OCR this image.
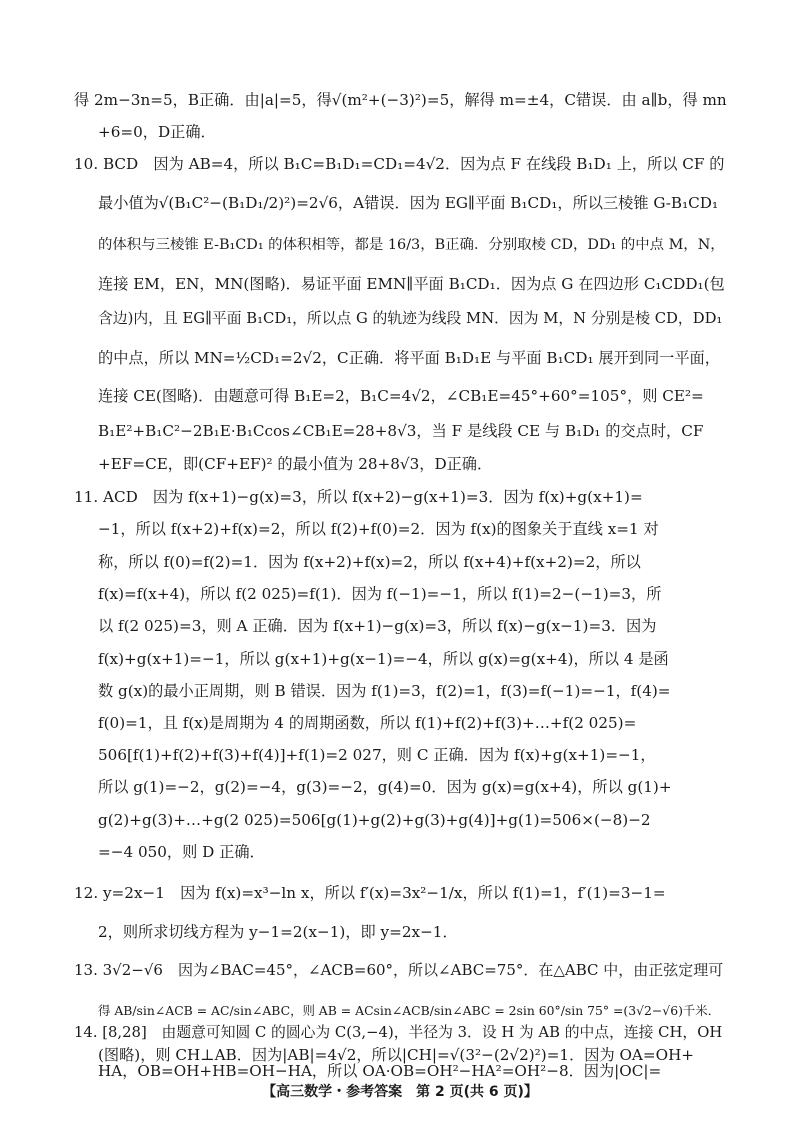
得 2m−3n=5，B正确．由|a|=5，得√(m²+(−3)²)=5，解得 m=±4，C错误．由 a∥b，得 mn
+6=0，D正确．
10. BCD　因为 AB=4，所以 B₁C=B₁D₁=CD₁=4√2．因为点 F 在线段 B₁D₁ 上，所以 CF 的
最小值为√(B₁C²−(B₁D₁/2)²)=2√6，A错误．因为 EG∥平面 B₁CD₁，所以三棱锥 G-B₁CD₁
的体积与三棱锥 E-B₁CD₁ 的体积相等，都是 16/3，B正确．分别取棱 CD，DD₁ 的中点 M，N，
连接 EM，EN，MN(图略)．易证平面 EMN∥平面 B₁CD₁．因为点 G 在四边形 C₁CDD₁(包
含边)内，且 EG∥平面 B₁CD₁，所以点 G 的轨迹为线段 MN．因为 M，N 分别是棱 CD，DD₁
的中点，所以 MN=½CD₁=2√2，C正确．将平面 B₁D₁E 与平面 B₁CD₁ 展开到同一平面，
连接 CE(图略)．由题意可得 B₁E=2，B₁C=4√2，∠CB₁E=45°+60°=105°，则 CE²=
B₁E²+B₁C²−2B₁E·B₁Ccos∠CB₁E=28+8√3，当 F 是线段 CE 与 B₁D₁ 的交点时，CF
+EF=CE，即(CF+EF)² 的最小值为 28+8√3，D正确．
11. ACD　因为 f(x+1)−g(x)=3，所以 f(x+2)−g(x+1)=3．因为 f(x)+g(x+1)=
−1，所以 f(x+2)+f(x)=2，所以 f(2)+f(0)=2．因为 f(x)的图象关于直线 x=1 对
称，所以 f(0)=f(2)=1．因为 f(x+2)+f(x)=2，所以 f(x+4)+f(x+2)=2，所以
f(x)=f(x+4)，所以 f(2 025)=f(1)．因为 f(−1)=−1，所以 f(1)=2−(−1)=3，所
以 f(2 025)=3，则 A 正确．因为 f(x+1)−g(x)=3，所以 f(x)−g(x−1)=3．因为
f(x)+g(x+1)=−1，所以 g(x+1)+g(x−1)=−4，所以 g(x)=g(x+4)，所以 4 是函
数 g(x)的最小正周期，则 B 错误．因为 f(1)=3，f(2)=1，f(3)=f(−1)=−1，f(4)=
f(0)=1，且 f(x)是周期为 4 的周期函数，所以 f(1)+f(2)+f(3)+…+f(2 025)=
506[f(1)+f(2)+f(3)+f(4)]+f(1)=2 027，则 C 正确．因为 f(x)+g(x+1)=−1，
所以 g(1)=−2，g(2)=−4，g(3)=−2，g(4)=0．因为 g(x)=g(x+4)，所以 g(1)+
g(2)+g(3)+…+g(2 025)=506[g(1)+g(2)+g(3)+g(4)]+g(1)=506×(−8)−2
=−4 050，则 D 正确．
12. y=2x−1　因为 f(x)=x³−ln x，所以 f′(x)=3x²−1/x，所以 f(1)=1，f′(1)=3−1=
2，则所求切线方程为 y−1=2(x−1)，即 y=2x−1．
13. 3√2−√6　因为∠BAC=45°，∠ACB=60°，所以∠ABC=75°．在△ABC 中，由正弦定理可
得 AB/sin∠ACB = AC/sin∠ABC，则 AB = ACsin∠ACB/sin∠ABC = 2sin 60°/sin 75° =(3√2−√6)千米．
14. [8,28]　由题意可知圆 C 的圆心为 C(3,−4)，半径为 3．设 H 为 AB 的中点，连接 CH，OH
(图略)，则 CH⊥AB．因为|AB|=4√2，所以|CH|=√(3²−(2√2)²)=1．因为 OA=OH+
HA，OB=OH+HB=OH−HA，所以 OA·OB=OH²−HA²=OH²−8．因为|OC|=
【高三数学・参考答案　第 2 页(共 6 页)】
